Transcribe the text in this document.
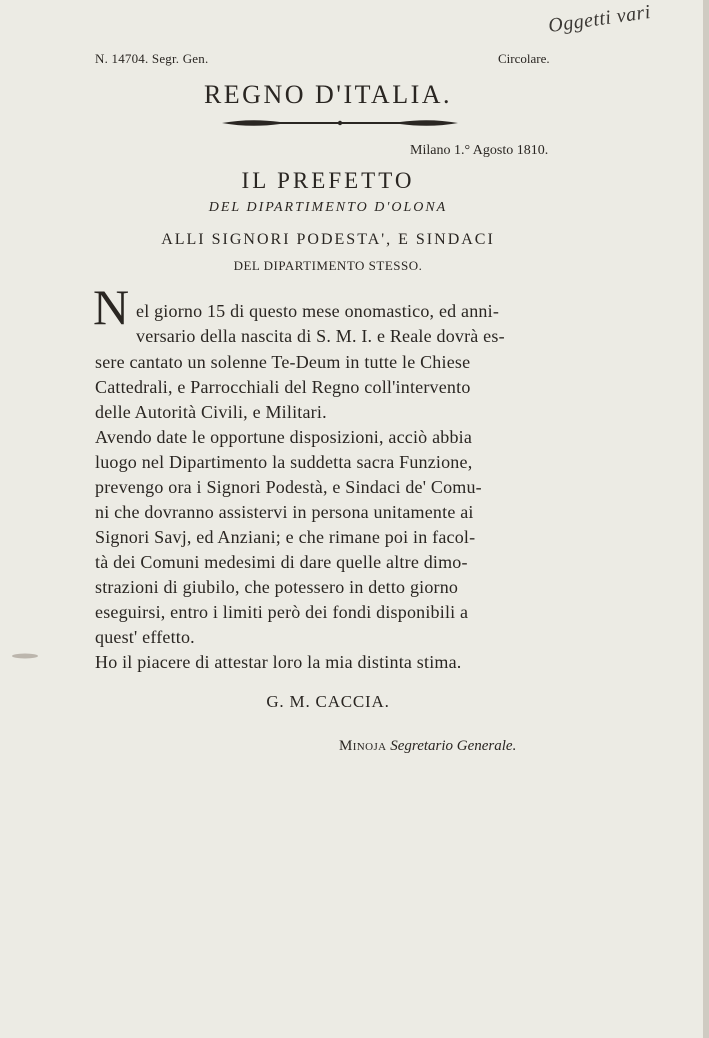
Oggetti vari
N. 14704. Segr. Gen.	Circolare.
REGNO D'ITALIA.
Milano 1.° Agosto 1810.
IL PREFETTO
DEL DIPARTIMENTO D'OLONA
ALLI SIGNORI PODESTA', E SINDACI
DEL DIPARTIMENTO STESSO.
N el giorno 15 di questo mese onomastico, ed anni-
versario della nascita di S. M. I. e Reale dovrà es-
sere cantato un solenne Te-Deum in tutte le Chiese
Cattedrali, e Parrocchiali del Regno coll'intervento
delle Autorità Civili, e Militari.
Avendo date le opportune disposizioni, acciò abbia
luogo nel Dipartimento la suddetta sacra Funzione,
prevengo ora i Signori Podestà, e Sindaci de' Comu-
ni che dovranno assistervi in persona unitamente ai
Signori Savj, ed Anziani; e che rimane poi in facol-
tà dei Comuni medesimi di dare quelle altre dimo-
strazioni di giubilo, che potessero in detto giorno
eseguirsi, entro i limiti però dei fondi disponibili a
quest' effetto.
Ho il piacere di attestar loro la mia distinta stima.
G. M. CACCIA.
Minoja Segretario Generale.
